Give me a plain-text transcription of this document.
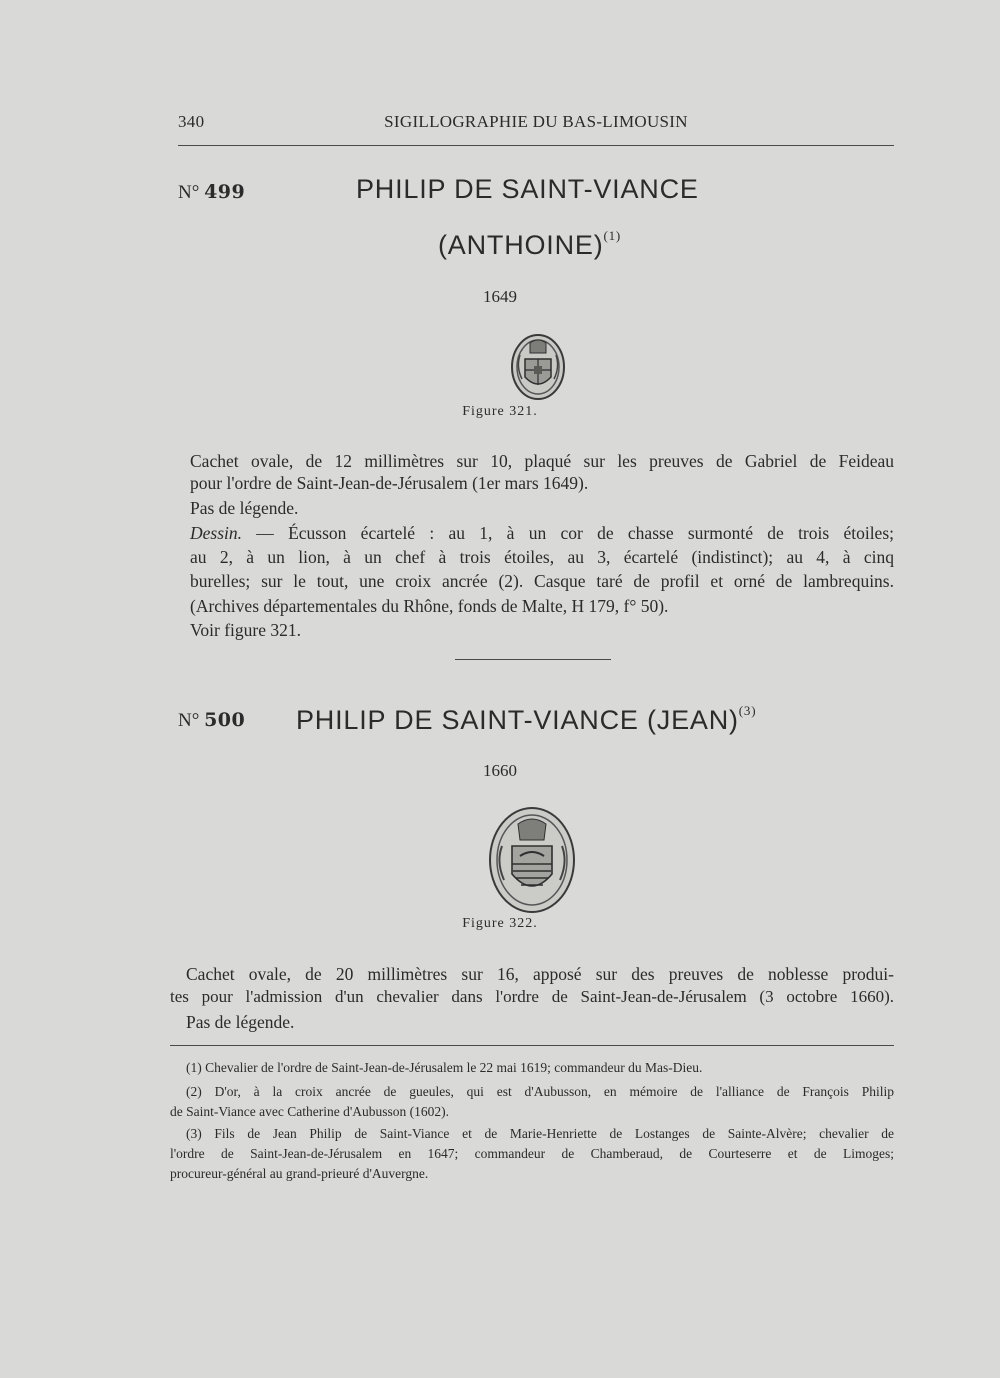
340	SIGILLOGRAPHIE DU BAS-LIMOUSIN
N° 499	PHILIP DE SAINT-VIANCE
(ANTHOINE)$^{(1)}$
1649
Figure 321.
Cachet ovale, de 12 millimètres sur 10, plaqué sur les preuves de Gabriel de Feideau
pour l'ordre de Saint-Jean-de-Jérusalem (1er mars 1649).
Pas de légende.
Dessin. — Écusson écartelé : au 1, à un cor de chasse surmonté de trois étoiles;
au 2, à un lion, à un chef à trois étoiles, au 3, écartelé (indistinct); au 4, à cinq
burelles; sur le tout, une croix ancrée (2). Casque taré de profil et orné de lambrequins.
(Archives départementales du Rhône, fonds de Malte, H 179, f° 50).
Voir figure 321.
N° 500 PHILIP DE SAINT-VIANCE (JEAN)$^{(3)}$
1660
Figure 322.
Cachet ovale, de 20 millimètres sur 16, apposé sur des preuves de noblesse produi-
tes pour l'admission d'un chevalier dans l'ordre de Saint-Jean-de-Jérusalem (3 octobre 1660).
Pas de légende.
(1) Chevalier de l'ordre de Saint-Jean-de-Jérusalem le 22 mai 1619; commandeur du Mas-Dieu.
(2) D'or, à la croix ancrée de gueules, qui est d'Aubusson, en mémoire de l'alliance de François Philip
de Saint-Viance avec Catherine d'Aubusson (1602).
(3) Fils de Jean Philip de Saint-Viance et de Marie-Henriette de Lostanges de Sainte-Alvère; chevalier de
l'ordre de Saint-Jean-de-Jérusalem en 1647; commandeur de Chamberaud, de Courteserre et de Limoges;
procureur-général au grand-prieuré d'Auvergne.
